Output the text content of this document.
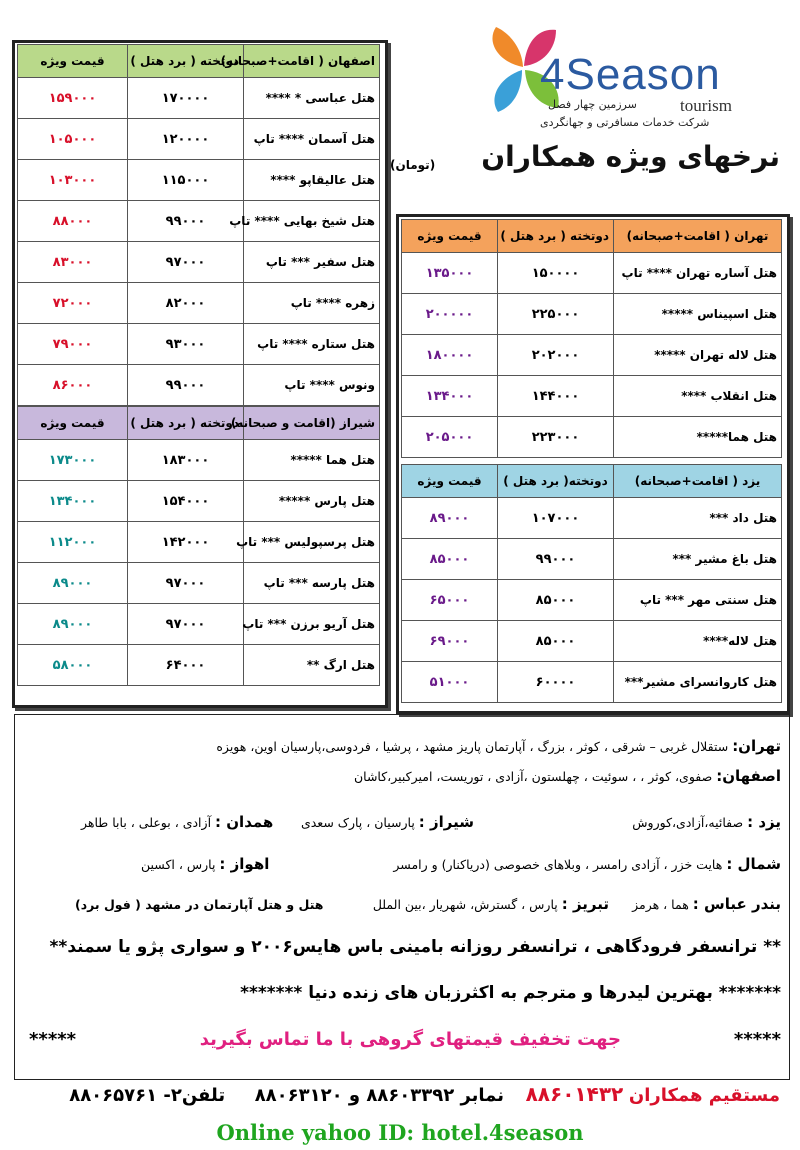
4Season
tourism
سرزمین چهار فصل
شرکت خدمات مسافرتی و جهانگردی
نرخهای ویژه همکاران
(تومان)
اصفهان ( اقامت+صبحانه)	دوتخته ( برد هتل )	قیمت ویژه
هتل عباسی * ****	۱۷۰۰۰۰	۱۵۹۰۰۰
هتل آسمان **** تاپ	۱۲۰۰۰۰	۱۰۵۰۰۰
هتل عالیقاپو ****	۱۱۵۰۰۰	۱۰۳۰۰۰
هتل شیخ بهایی **** تاپ	۹۹۰۰۰	۸۸۰۰۰
هتل سفیر *** تاپ	۹۷۰۰۰	۸۳۰۰۰
زهره **** تاپ	۸۲۰۰۰	۷۲۰۰۰
هتل ستاره **** تاپ	۹۳۰۰۰	۷۹۰۰۰
ونوس **** تاپ	۹۹۰۰۰	۸۶۰۰۰
شیراز (اقامت و صبحانه)	دوتخته ( برد هتل )	قیمت ویژه
هتل هما *****	۱۸۳۰۰۰	۱۷۳۰۰۰
هتل پارس *****	۱۵۴۰۰۰	۱۳۴۰۰۰
هتل پرسپولیس *** تاپ	۱۴۲۰۰۰	۱۱۲۰۰۰
هتل پارسه *** تاپ	۹۷۰۰۰	۸۹۰۰۰
هتل آریو برزن *** تاپ	۹۷۰۰۰	۸۹۰۰۰
هتل ارگ **	۶۴۰۰۰	۵۸۰۰۰
تهران ( اقامت+صبحانه)	دوتخته ( برد هتل )	قیمت ویژه
هتل آساره تهران **** تاپ	۱۵۰۰۰۰	۱۳۵۰۰۰
هتل اسپیناس *****	۲۲۵۰۰۰	۲۰۰۰۰۰
هتل لاله تهران *****	۲۰۲۰۰۰	۱۸۰۰۰۰
هتل انقلاب ****	۱۴۴۰۰۰	۱۳۴۰۰۰
هتل هما*****	۲۲۳۰۰۰	۲۰۵۰۰۰
یزد ( اقامت+صبحانه)	دوتخته( برد هتل )	قیمت ویژه
هتل داد ***	۱۰۷۰۰۰	۸۹۰۰۰
هتل باغ مشیر ***	۹۹۰۰۰	۸۵۰۰۰
هتل سنتی مهر *** تاپ	۸۵۰۰۰	۶۵۰۰۰
هتل لاله****	۸۵۰۰۰	۶۹۰۰۰
هتل کاروانسرای مشیر***	۶۰۰۰۰	۵۱۰۰۰
تهران: ستقلال غربی – شرقی ، کوثر ، بزرگ ، آپارتمان پاریز مشهد ، پرشیا ، فردوسی،پارسیان اوین، هویزه
اصفهان: صفوی، کوثر ، ، سوئیت ، چهلستون ،آزادی ، توریست، امیرکبیر،کاشان
یزد : صفائیه،آزادی،کوروش
شیراز : پارسیان ، پارک سعدی
همدان : آزادی ، بوعلی ، بابا طاهر
شمال : هایت خزر ، آزادی رامسر ، وبلاهای خصوصی (دریاکنار) و رامسر
اهواز : پارس ، اکسین
بندر عباس : هما ، هرمز
تبریز : پارس ، گسترش، شهریار ،بین الملل
هتل و هتل آپارتمان در مشهد ( فول برد)
** ترانسفر فرودگاهی ، ترانسفر روزانه بامینی باس هایس۲۰۰۶ و سواری پژو یا سمند**
******* بهترین لیدرها و مترجم به اکثرزبان های زنده دنیا *******
*****
جهت تخفیف قیمتهای گروهی با ما تماس بگیرید
*****
مستقیم همکاران ۸۸۶۰۱۴۳۲ نمابر ۸۸۶۰۳۳۹۲ و ۸۸۰۶۳۱۲۰ تلفن۲- ۸۸۰۶۵۷۶۱
Online yahoo ID: hotel.4season
